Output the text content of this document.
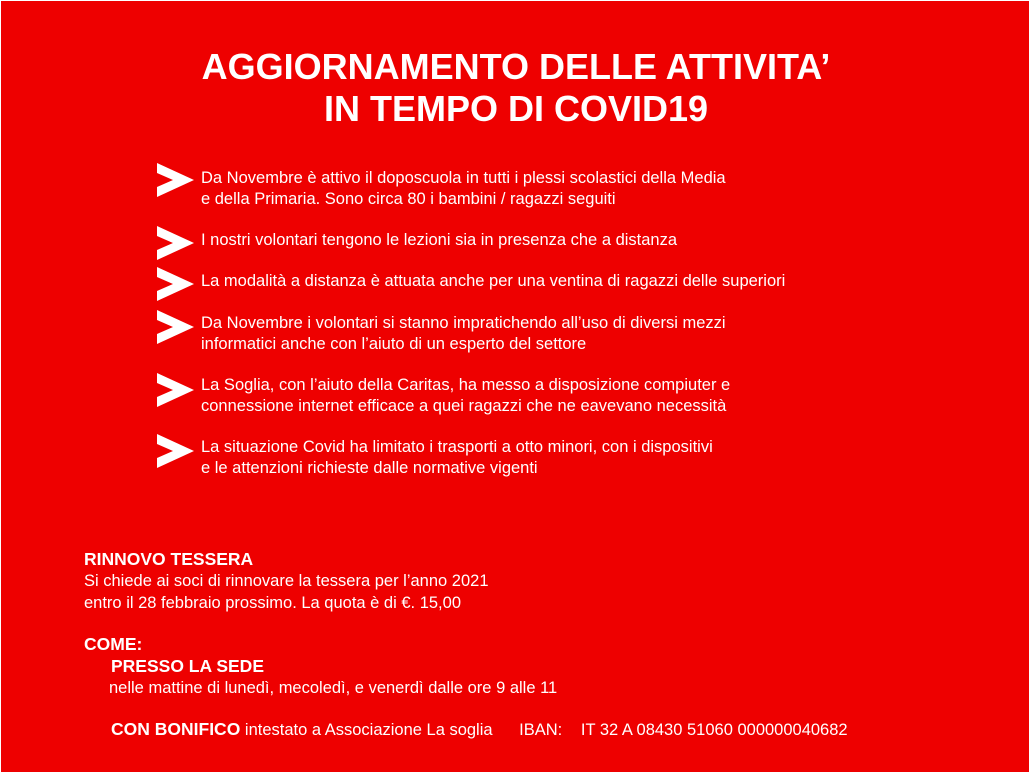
AGGIORNAMENTO DELLE ATTIVITA’
IN TEMPO DI COVID19
Da Novembre è attivo il doposcuola in tutti i plessi scolastici della Media
e della Primaria. Sono circa 80 i bambini / ragazzi seguiti
I nostri volontari tengono le lezioni sia in presenza che a distanza
La modalità a distanza è attuata anche per una ventina di ragazzi delle superiori
Da Novembre i volontari si stanno impratichendo all’uso di diversi mezzi
informatici anche con l’aiuto di un esperto del settore
La Soglia, con l’aiuto della Caritas, ha messo a disposizione compiuter e
connessione internet efficace a quei ragazzi che ne eavevano necessità
La situazione Covid ha limitato i trasporti a otto minori, con i dispositivi
e le attenzioni richieste dalle normative vigenti
RINNOVO TESSERA
Si chiede ai soci di rinnovare la tessera per l’anno 2021
entro il 28 febbraio prossimo. La quota è di €. 15,00
COME:
PRESSO LA SEDE
nelle mattine di lunedì, mecoledì, e venerdì dalle ore 9 alle 11
CON BONIFICO intestato a Associazione La soglia IBAN: IT 32 A 08430 51060 000000040682
